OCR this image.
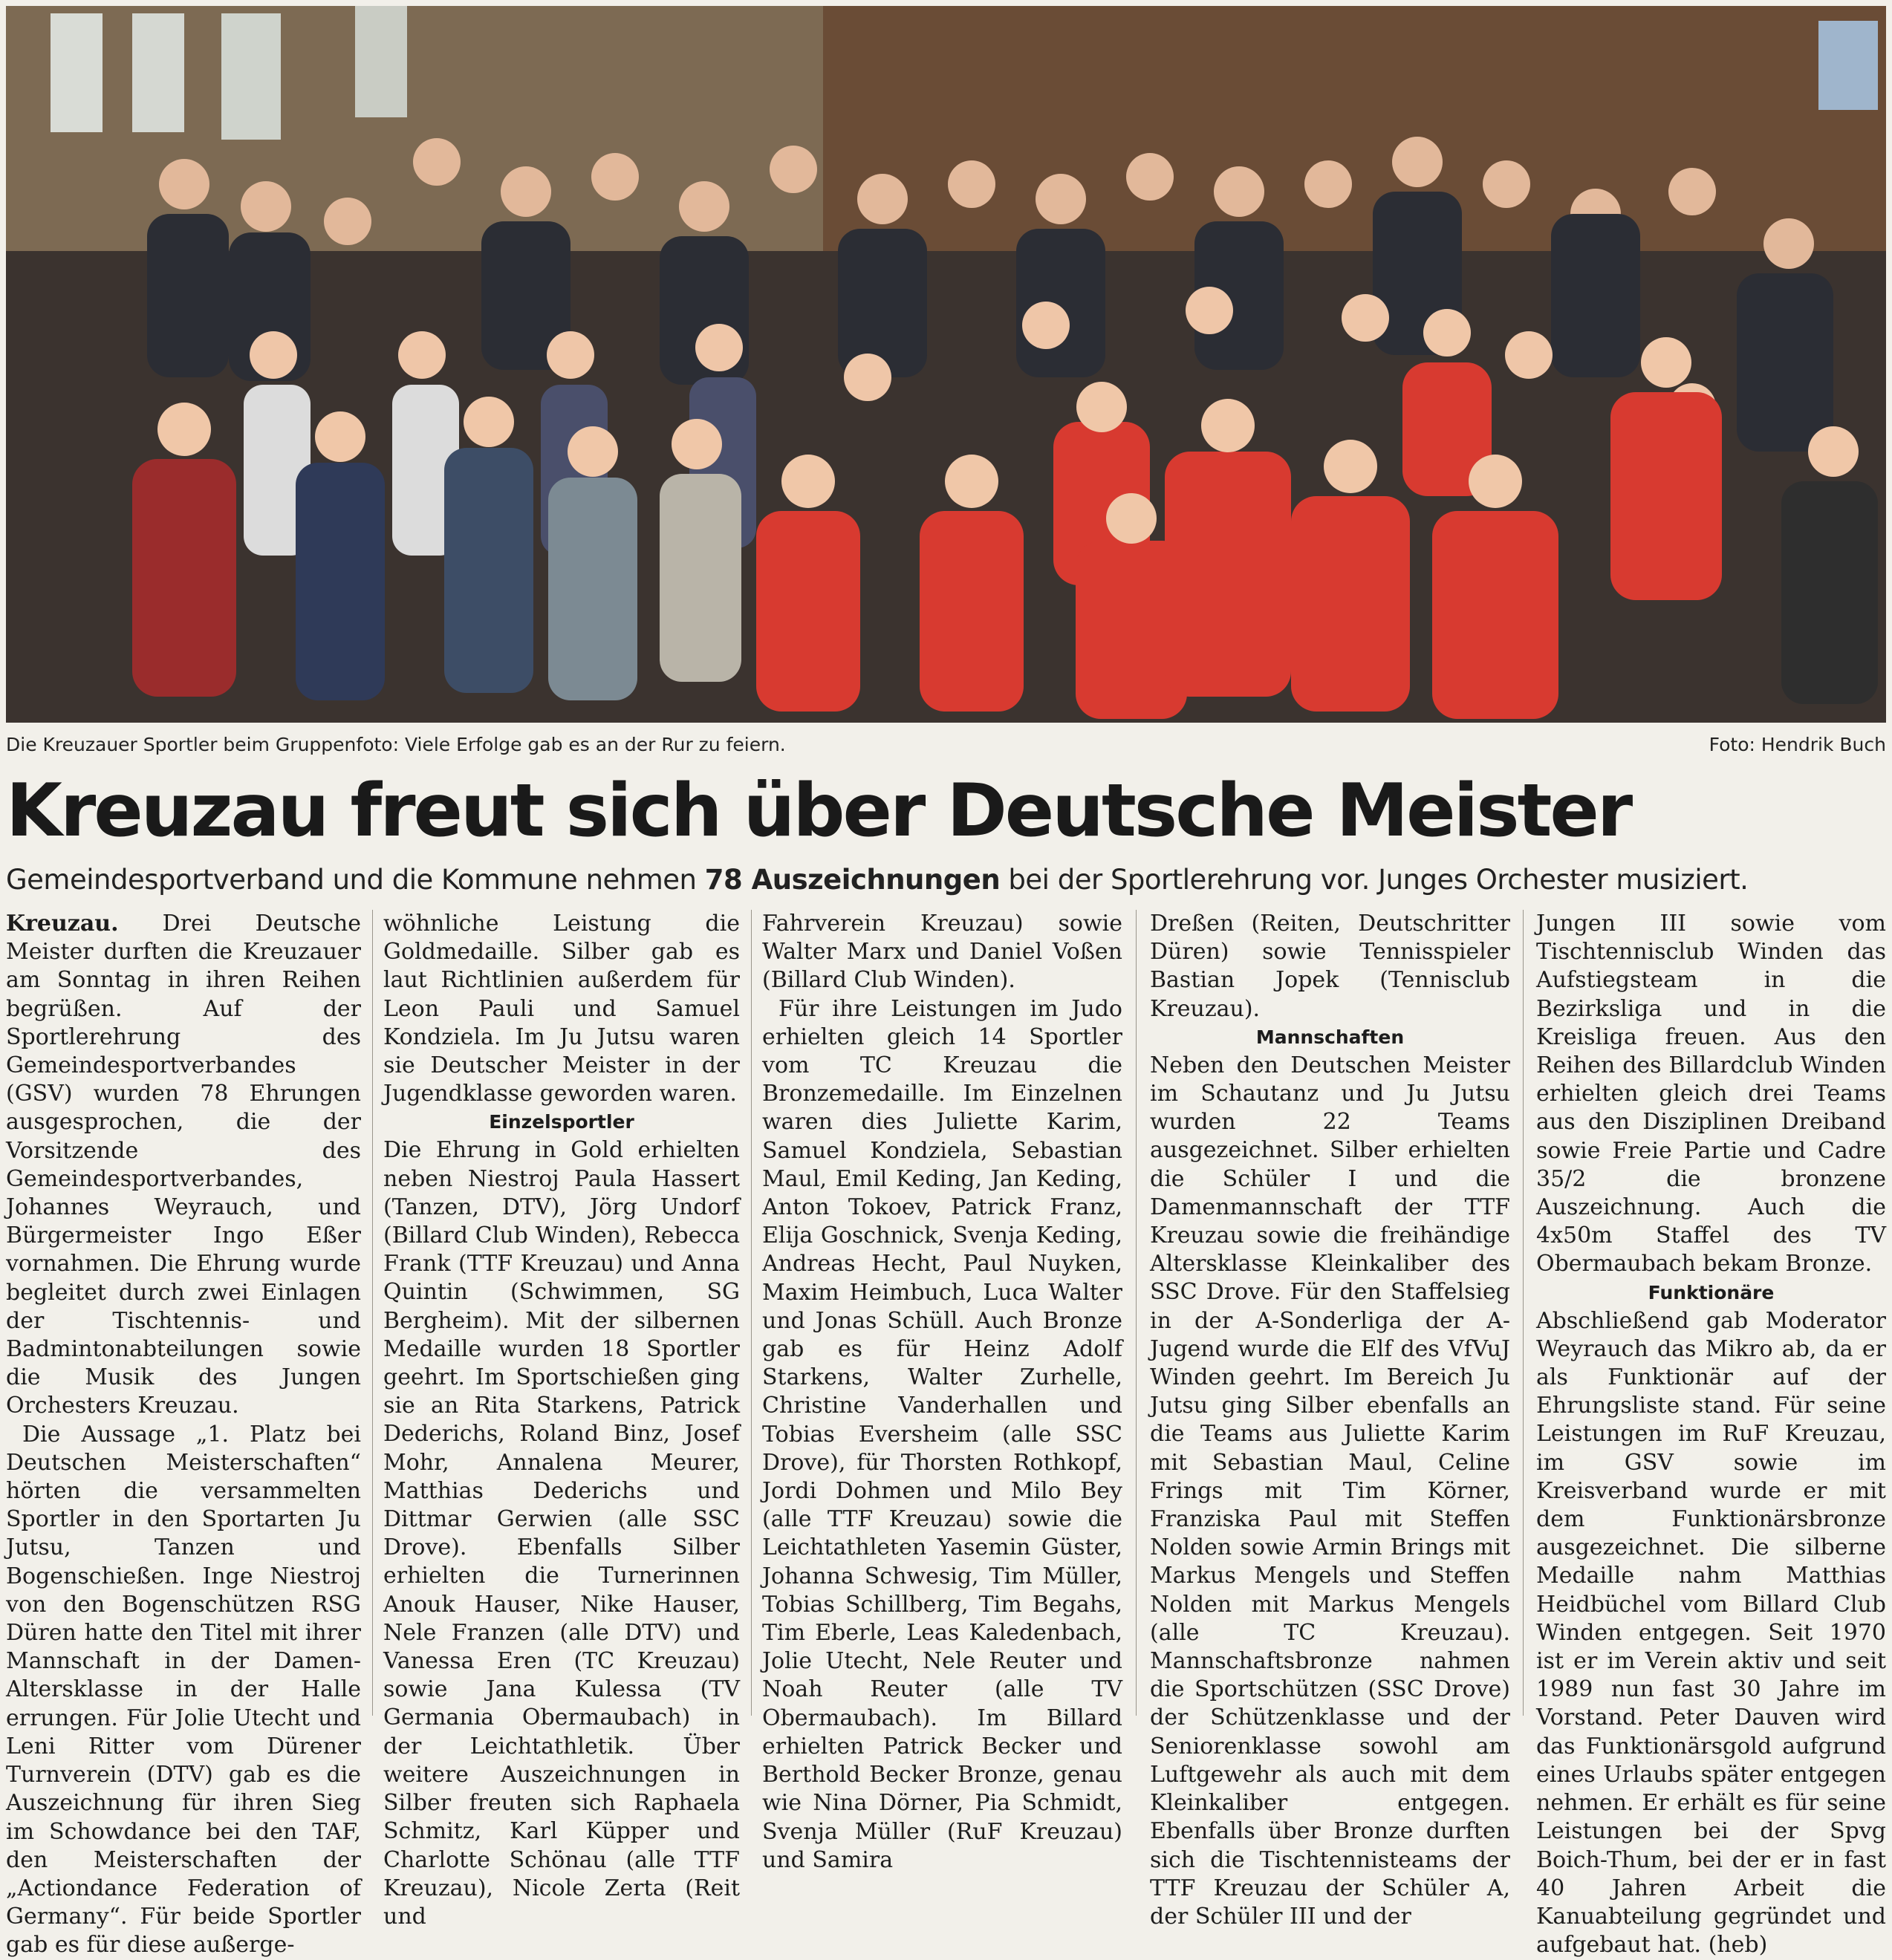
Die Kreuzauer Sportler beim Gruppenfoto: Viele Erfolge gab es an der Rur zu feiern.	Foto: Hendrik Buch
Kreuzau freut sich über Deutsche Meister
Gemeindesportverband und die Kommune nehmen 78 Auszeichnungen bei der Sportlerehrung vor. Junges Orchester musiziert.

Kreuzau. Drei Deutsche Meister durften die Kreuzauer am Sonntag in ihren Reihen begrüßen. Auf der Sportlerehrung des Gemeindesportverbandes (GSV) wurden 78 Ehrungen ausgesprochen, die der Vorsitzende des Gemeindesportverbandes, Johannes Weyrauch, und Bürgermeister Ingo Eßer vornahmen. Die Ehrung wurde begleitet durch zwei Einlagen der Tischtennis- und Badmintonabteilungen sowie die Musik des Jungen Orchesters Kreuzau.

Die Aussage „1. Platz bei Deutschen Meisterschaften“ hörten die versammelten Sportler in den Sportarten Ju Jutsu, Tanzen und Bogenschießen. Inge Niestroj von den Bogenschützen RSG Düren hatte den Titel mit ihrer Mannschaft in der Damen-Altersklasse in der Halle errungen. Für Jolie Utecht und Leni Ritter vom Dürener Turnverein (DTV) gab es die Auszeichnung für ihren Sieg im Schowdance bei den TAF, den Meisterschaften der „Actiondance Federation of Germany“. Für beide Sportler gab es für diese außerge-

wöhnliche Leistung die Goldmedaille. Silber gab es laut Richtlinien außerdem für Leon Pauli und Samuel Kondziela. Im Ju Jutsu waren sie Deutscher Meister in der Jugendklasse geworden waren.

Einzelsportler

Die Ehrung in Gold erhielten neben Niestroj Paula Hassert (Tanzen, DTV), Jörg Undorf (Billard Club Winden), Rebecca Frank (TTF Kreuzau) und Anna Quintin (Schwimmen, SG Bergheim). Mit der silbernen Medaille wurden 18 Sportler geehrt. Im Sportschießen ging sie an Rita Starkens, Patrick Dederichs, Roland Binz, Josef Mohr, Annalena Meurer, Matthias Dederichs und Dittmar Gerwien (alle SSC Drove). Ebenfalls Silber erhielten die Turnerinnen Anouk Hauser, Nike Hauser, Nele Franzen (alle DTV) und Vanessa Eren (TC Kreuzau) sowie Jana Kulessa (TV Germania Obermaubach) in der Leichtathletik. Über weitere Auszeichnungen in Silber freuten sich Raphaela Schmitz, Karl Küpper und Charlotte Schönau (alle TTF Kreuzau), Nicole Zerta (Reit und

Fahrverein Kreuzau) sowie Walter Marx und Daniel Voßen (Billard Club Winden).

Für ihre Leistungen im Judo erhielten gleich 14 Sportler vom TC Kreuzau die Bronzemedaille. Im Einzelnen waren dies Juliette Karim, Samuel Kondziela, Sebastian Maul, Emil Keding, Jan Keding, Anton Tokoev, Patrick Franz, Elija Goschnick, Svenja Keding, Andreas Hecht, Paul Nuyken, Maxim Heimbuch, Luca Walter und Jonas Schüll. Auch Bronze gab es für Heinz Adolf Starkens, Walter Zurhelle, Christine Vanderhallen und Tobias Eversheim (alle SSC Drove), für Thorsten Rothkopf, Jordi Dohmen und Milo Bey (alle TTF Kreuzau) sowie die Leichtathleten Yasemin Güster, Johanna Schwesig, Tim Müller, Tobias Schillberg, Tim Begahs, Tim Eberle, Leas Kaledenbach, Jolie Utecht, Nele Reuter und Noah Reuter (alle TV Obermaubach). Im Billard erhielten Patrick Becker und Berthold Becker Bronze, genau wie Nina Dörner, Pia Schmidt, Svenja Müller (RuF Kreuzau) und Samira

Dreßen (Reiten, Deutschritter Düren) sowie Tennisspieler Bastian Jopek (Tennisclub Kreuzau).

Mannschaften

Neben den Deutschen Meister im Schautanz und Ju Jutsu wurden 22 Teams ausgezeichnet. Silber erhielten die Schüler I und die Damenmannschaft der TTF Kreuzau sowie die freihändige Altersklasse Kleinkaliber des SSC Drove. Für den Staffelsieg in der A-Sonderliga der A-Jugend wurde die Elf des VfVuJ Winden geehrt. Im Bereich Ju Jutsu ging Silber ebenfalls an die Teams aus Juliette Karim mit Sebastian Maul, Celine Frings mit Tim Körner, Franziska Paul mit Steffen Nolden sowie Armin Brings mit Markus Mengels und Steffen Nolden mit Markus Mengels (alle TC Kreuzau). Mannschaftsbronze nahmen die Sportschützen (SSC Drove) der Schützenklasse und der Seniorenklasse sowohl am Luftgewehr als auch mit dem Kleinkaliber entgegen. Ebenfalls über Bronze durften sich die Tischtennisteams der TTF Kreuzau der Schüler A, der Schüler III und der

Jungen III sowie vom Tischtennisclub Winden das Aufstiegsteam in die Bezirksliga und in die Kreisliga freuen. Aus den Reihen des Billardclub Winden erhielten gleich drei Teams aus den Disziplinen Dreiband sowie Freie Partie und Cadre 35/2 die bronzene Auszeichnung. Auch die 4x50m Staffel des TV Obermaubach bekam Bronze.

Funktionäre

Abschließend gab Moderator Weyrauch das Mikro ab, da er als Funktionär auf der Ehrungsliste stand. Für seine Leistungen im RuF Kreuzau, im GSV sowie im Kreisverband wurde er mit dem Funktionärsbronze ausgezeichnet. Die silberne Medaille nahm Matthias Heidbüchel vom Billard Club Winden entgegen. Seit 1970 ist er im Verein aktiv und seit 1989 nun fast 30 Jahre im Vorstand. Peter Dauven wird das Funktionärsgold aufgrund eines Urlaubs später entgegen nehmen. Er erhält es für seine Leistungen bei der Spvg Boich-Thum, bei der er in fast 40 Jahren Arbeit die Kanuabteilung gegründet und aufgebaut hat. (heb)
